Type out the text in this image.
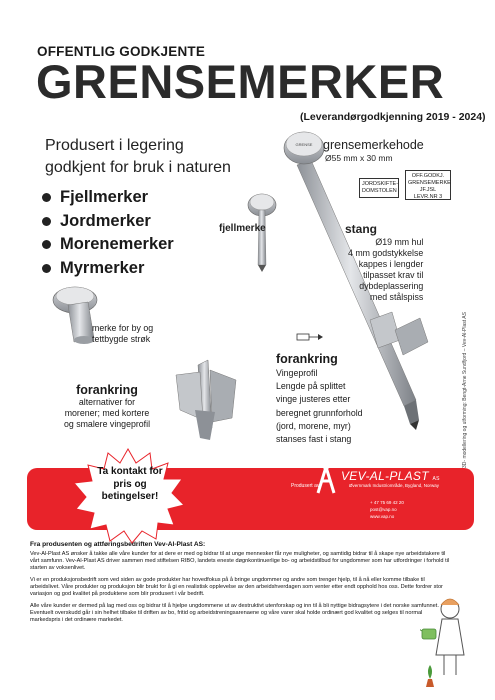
OFFENTLIG GODKJENTE
GRENSEMERKER
(Leverandørgodkjenning 2019 - 2024)
Produsert i legering
godkjent for bruk i naturen
Fjellmerker
Jordmerker
Morenemerker
Myrmerker
GRENSE grensemerkehode
Ø55 mm x 30 mm
JORDSKIFTE-
DOMSTOLEN
OFF.GODKJ.
GRENSEMERKE
JF.JSL
LEVR.NR 3
fjellmerke	stang
Ø19 mm hul
4 mm godstykkelse
kappes i lengder
tilpasset krav til
dybdeplassering
med stålspiss
merke for by og
tettbygde strøk
forankring
alternativer for
morener; med kortere
og smalere vingeprofil
forankring
Vingeprofil
Lengde på splittet
vinge justeres etter
beregnet grunnforhold
(jord, morene, myr)
stanses fast i stang	3D- modellering og utforming: Bengt-Arne Sundfjord – Vev-Al-Plast AS
Ta kontakt for
pris og
betingelser!
Produsert av
VEV-AL-PLAST AS
Øvernmark Industriområde, Bygland, Norway
+ 47 75 69 42 20
post@vap.no
www.vap.no
Fra produsenten og attføringsbedriften Vev-Al-Plast AS:

Vev-Al-Plast AS ønsker å takke alle våre kunder for at dere er med og bidrar til at unge mennesker får nye muligheter, og samtidig bidrar til å skape nye arbeidstakere til vårt samfunn. Vev-Al-Plast AS driver sammen med stiftelsen RIBO, landets eneste døgnkontinuerlige bo- og arbeidstilbud for ungdommer som har utfordringer i forhold til starten av voksenlivet.

Vi er en produksjonsbedrift som ved siden av gode produkter har hovedfokus på å bringe ungdommer og andre som trenger hjelp, til å nå eller komme tilbake til arbeidslivet. Våre produkter og produksjon blir brukt for å gi en realistisk opplevelse av den arbeidshverdagen som venter etter endt opphold hos oss. Dette fordrer stor variasjon og god kvalitet på produktene som blir produsert i vår bedrift.

Alle våre kunder er dermed på lag med oss og bidrar til å hjelpe ungdommene ut av destruktivt utenforskap og inn til å bli nyttige bidragsytere i det norske samfunnet. Eventuelt overskudd går i sin helhet tilbake til driften av bo, fritid og arbeidstreningsarenaene og våre varer skal holde ordinært god kvalitet og selges til normal markedspris i det ordinære markedet.
